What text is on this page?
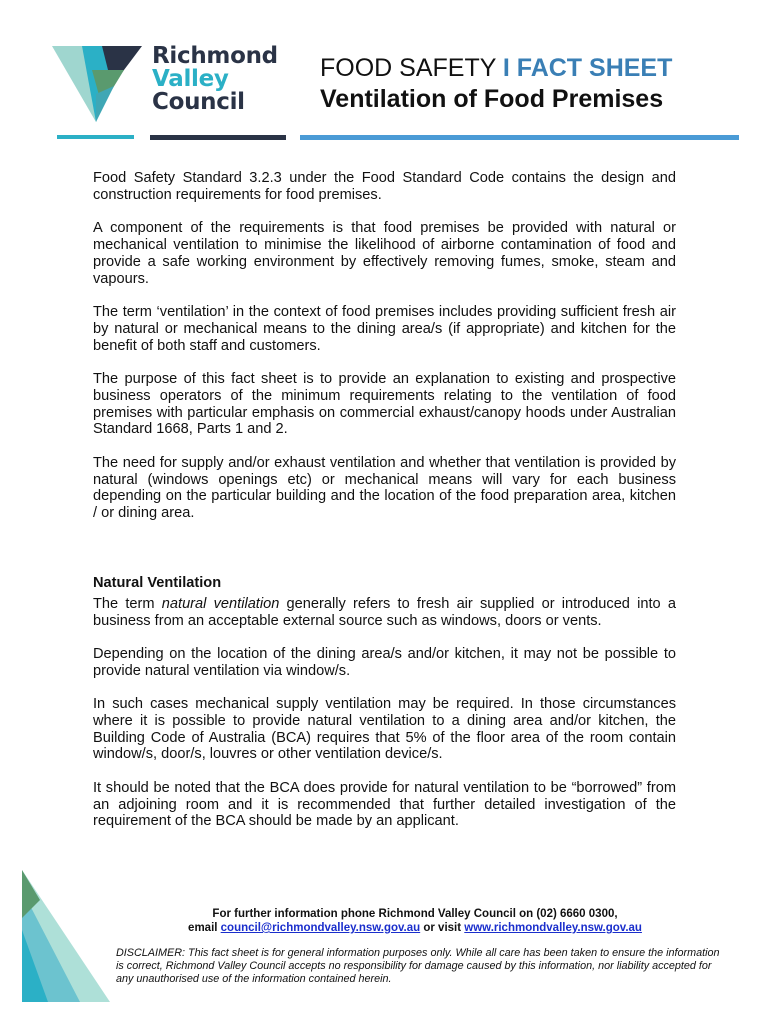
Richmond
Valley
Council
FOOD SAFETY I FACT SHEET
Ventilation of Food Premises

Food Safety Standard 3.2.3 under the Food Standard Code contains the design and construction requirements for food premises.

A component of the requirements is that food premises be provided with natural or mechanical ventilation to minimise the likelihood of airborne contamination of food and provide a safe working environment by effectively removing fumes, smoke, steam and vapours.

The term ‘ventilation’ in the context of food premises includes providing sufficient fresh air by natural or mechanical means to the dining area/s (if appropriate) and kitchen for the benefit of both staff and customers.

The purpose of this fact sheet is to provide an explanation to existing and prospective business operators of the minimum requirements relating to the ventilation of food premises with particular emphasis on commercial exhaust/canopy hoods under Australian Standard 1668, Parts 1 and 2.

The need for supply and/or exhaust ventilation and whether that ventilation is provided by natural (windows openings etc) or mechanical means will vary for each business depending on the particular building and the location of the food preparation area, kitchen / or dining area.

Natural Ventilation

The term natural ventilation generally refers to fresh air supplied or introduced into a business from an acceptable external source such as windows, doors or vents.

Depending on the location of the dining area/s and/or kitchen, it may not be possible to provide natural ventilation via window/s.

In such cases mechanical supply ventilation may be required. In those circumstances where it is possible to provide natural ventilation to a dining area and/or kitchen, the Building Code of Australia (BCA) requires that 5% of the floor area of the room contain window/s, door/s, louvres or other ventilation device/s.

It should be noted that the BCA does provide for natural ventilation to be “borrowed” from an adjoining room and it is recommended that further detailed investigation of the requirement of the BCA should be made by an applicant.

For further information phone Richmond Valley Council on (02) 6660 0300,
email council@richmondvalley.nsw.gov.au or visit www.richmondvalley.nsw.gov.au
DISCLAIMER: This fact sheet is for general information purposes only. While all care has been taken to ensure the information is correct, Richmond Valley Council accepts no responsibility for damage caused by this information, nor liability accepted for any unauthorised use of the information contained herein.
